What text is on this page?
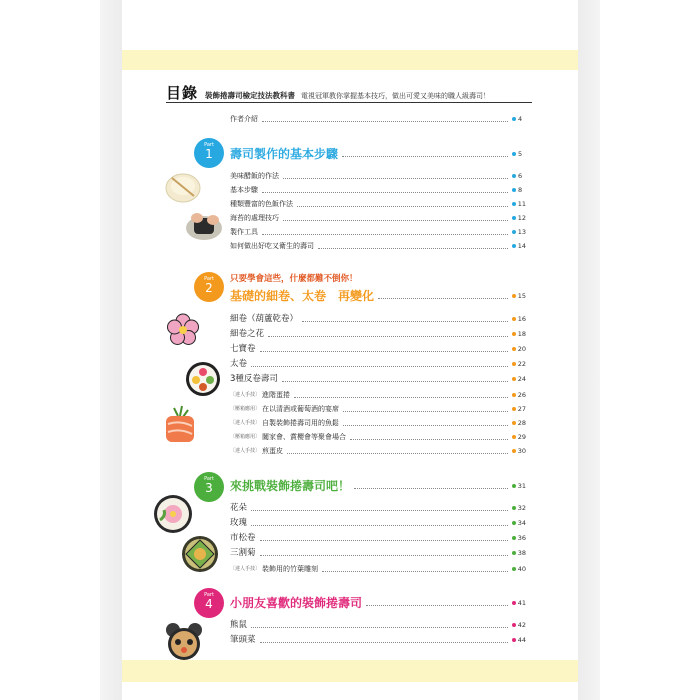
目錄 裝飾捲壽司檢定技法教科書 電視冠軍教你掌握基本技巧，做出可愛又美味的職人級壽司！
作者介紹	4
Part
1	壽司製作的基本步驟	5
美味醋飯的作法	6
基本步驟	8
種類豐富的色飯作法	11
海苔的處理技巧	12
製作工具	13
如何做出好吃又衛生的壽司	14
Part
2
只要學會這些，什麼都難不倒你！
基礎的細卷、太卷　再變化	15
細卷（葫蘆乾卷）	16
細卷之花	18
七寶卷	20
太卷	22
3種反卷壽司	24
〔達人手技〕 進階蛋捲	26
〔壓箱應用〕 在以清酒或葡萄酒的宴席	27
〔達人手技〕 自製裝飾捲壽司用的魚鬆	28
〔壓箱應用〕 闔家會、賞櫻會等聚會場合	29
〔達人手技〕 煎蛋皮	30
Part
3	來挑戰裝飾捲壽司吧！	31
花朵	32
玫瑰	34
市松卷	36
三割菊	38
〔達人手技〕 裝飾用的竹葉雕刻	40
Part
4	小朋友喜歡的裝飾捲壽司	41
熊鼠	42
筆頭菜	44
